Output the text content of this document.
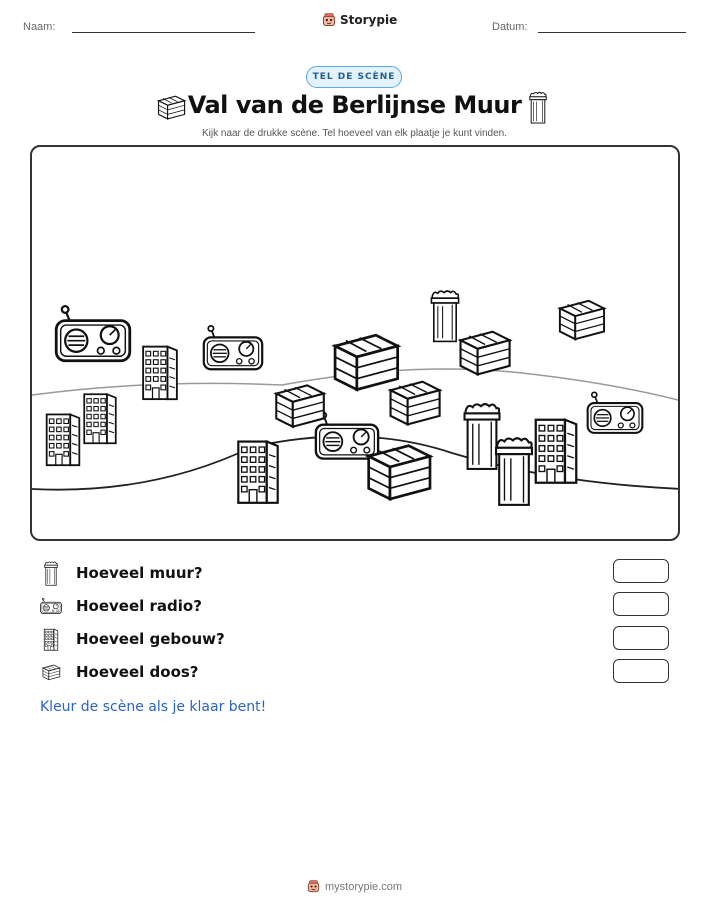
Naam:	Storypie	Datum:
TEL DE SCÈNE
Val van de Berlijnse Muur
Kijk naar de drukke scène. Tel hoeveel van elk plaatje je kunt vinden.
Hoeveel muur?
Hoeveel radio?
Hoeveel gebouw?
Hoeveel doos?
Kleur de scène als je klaar bent!
mystorypie.com
